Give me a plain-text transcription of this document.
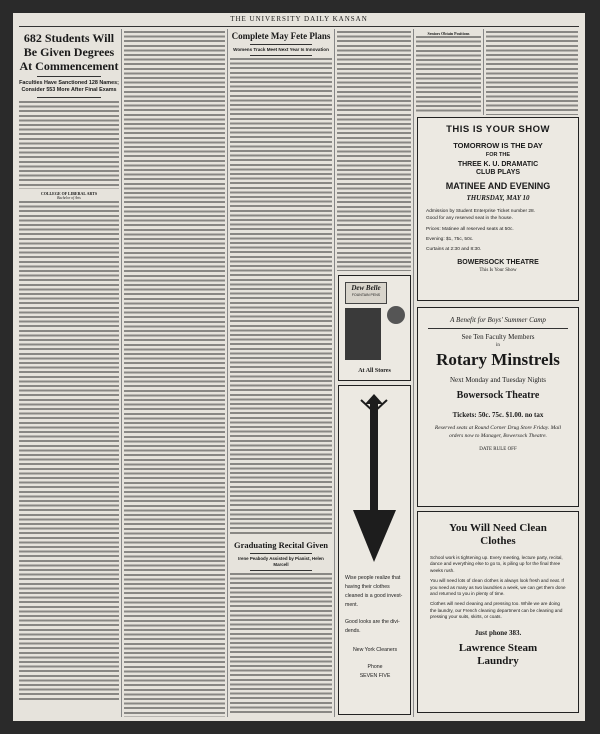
THE UNIVERSITY DAILY KANSAN
682 Students Will Be Given Degrees At Commencement
Faculties Have Sanctioned 128 Names; Consider 553 More After Final Exams
COLLEGE OF LIBERAL ARTS
Bachelor of Arts
Complete May Fete Plans
Womens Track Meet Next Year Is Innovation
Graduating Recital Given
Irene Peabody Assisted by Pianist, Helen Marcell
Dew Belle
FOUNTAIN PENS
At All Stores
Wise people realize that
having their clothes
cleaned is a good invest-
ment.
Good looks are the divi-
dends.
New York Cleaners
Phone
SEVEN FIVE
Seniors Obtain Positions
THIS IS YOUR SHOW
TOMORROW IS THE DAY
FOR THE
THREE K. U. DRAMATIC
CLUB PLAYS
MATINEE AND EVENING
THURSDAY, MAY 10
Admission by Student Enterprise Ticket number 28.
Good for any reserved seat in the house.
Prices: Matinee all reserved seats at 50c.
Evening: $1, 75c, 50c.
Curtains at 2:30 and 8:30.
BOWERSOCK THEATRE
This Is Your Show
A Benefit for Boys' Summer Camp
See Ten Faculty Members
in
Rotary Minstrels
Next Monday and Tuesday Nights
Bowersock Theatre
Tickets: 50c. 75c. $1.00. no tax
Reserved seats at Round Corner Drug Store Friday. Mail orders now to Manager, Bowersock Theatre.
DATE RULE OFF
You Will Need Clean
Clothes
School work is tightening up. Every meeting, lecture party, recital, dance and everything else to go to, is piling up for the final three weeks rush.
You will need lots of clean clothes is always look fresh and neat. If you need as many as two laundries a week, we can get them done and returned to you in plenty of time.
Clothes will need cleaning and pressing too. While we are doing the laundry, our French cleaning department can be cleaning and pressing your suits, skirts, or coats.
Just phone 383.
Lawrence Steam
Laundry
